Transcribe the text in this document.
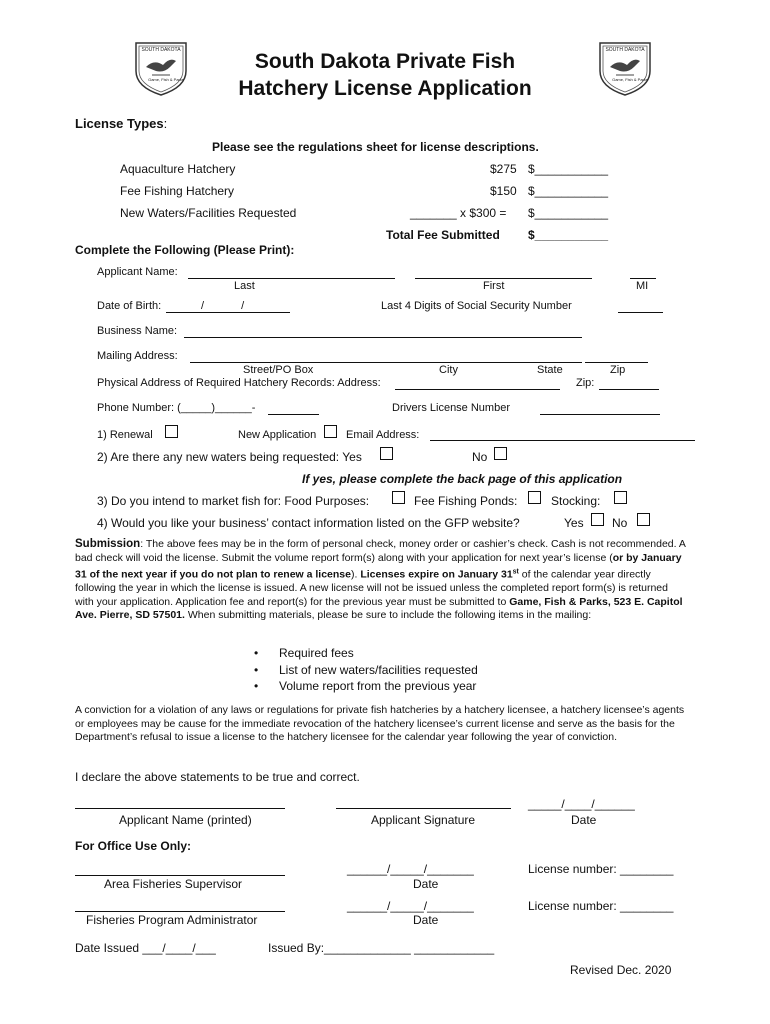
SOUTH DAKOTA
Game, Fish & Parks
SOUTH DAKOTA
Game, Fish & Parks
South Dakota Private Fish
Hatchery License Application
License Types:
Please see the regulations sheet for license descriptions.
Aquaculture Hatchery	$275 $___________
Fee Fishing Hatchery	$150 $___________
New Waters/Facilities Requested	_______ x $300 = $___________
Total Fee Submitted $___________
Complete the Following (Please Print):
Applicant Name:
Last	First	MI
Date of Birth:	/ /	Last 4 Digits of Social Security Number
Business Name:
Mailing Address:
Street/PO Box	City	State	Zip
Physical Address of Required Hatchery Records: Address:	Zip:
Phone Number: (_____)______-	Drivers License Number
1) Renewal	New Application	Email Address:
2) Are there any new waters being requested: Yes	No
If yes, please complete the back page of this application
3) Do you intend to market fish for: Food Purposes:	Fee Fishing Ponds:	Stocking:
4) Would you like your business’ contact information listed on the GFP website?	Yes No
Submission: The above fees may be in the form of personal check, money order or cashier’s check. Cash is not recommended. A bad check will void the license. Submit the volume report form(s) along with your application for next year’s license (or by January 31 of the next year if you do not plan to renew a license). Licenses expire on January 31st of the calendar year directly following the year in which the license is issued. A new license will not be issued unless the completed report form(s) is returned with your application. Application fee and report(s) for the previous year must be submitted to Game, Fish & Parks, 523 E. Capitol Ave. Pierre, SD 57501. When submitting materials, please be sure to include the following items in the mailing:
• Required fees
• List of new waters/facilities requested
• Volume report from the previous year
A conviction for a violation of any laws or regulations for private fish hatcheries by a hatchery licensee, a hatchery licensee’s agents or employees may be cause for the immediate revocation of the hatchery licensee’s current license and serve as the basis for the Department’s refusal to issue a license to the hatchery licensee for the calendar year following the year of conviction.
I declare the above statements to be true and correct.
_____/____/______
Applicant Name (printed)	Applicant Signature	Date
For Office Use Only:
______/_____/_______	License number: ________
Area Fisheries Supervisor	Date
______/_____/_______	License number: ________
Fisheries Program Administrator	Date
Date Issued ___/____/___	Issued By:_____________ ____________
Revised Dec. 2020
